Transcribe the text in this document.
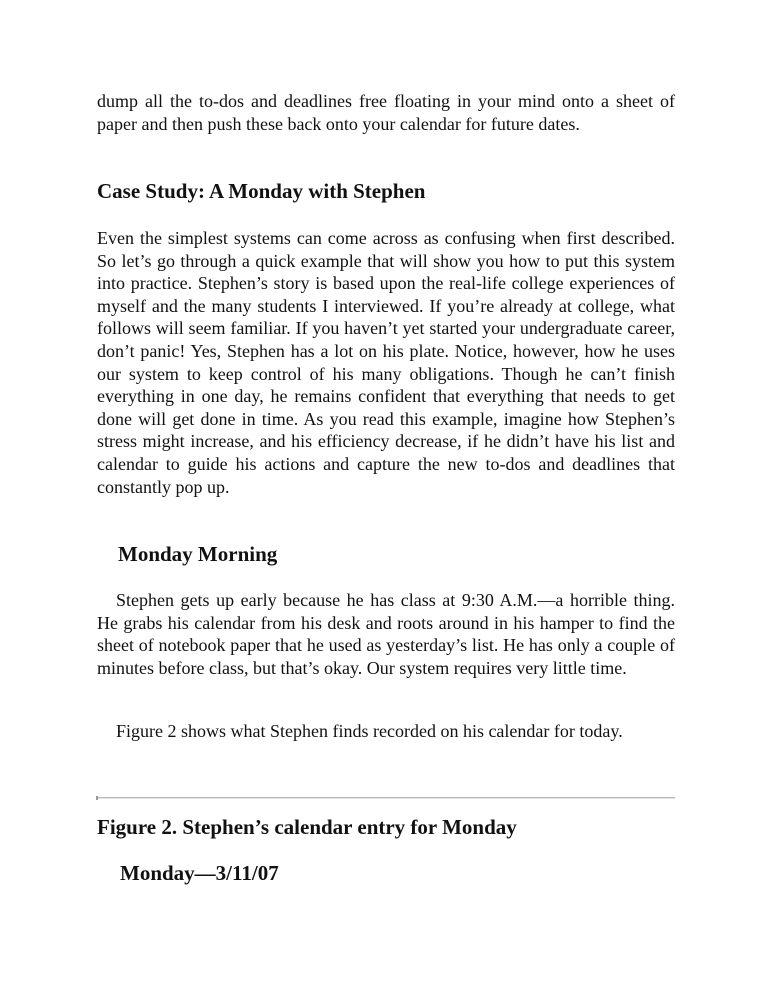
dump all the to-dos and deadlines free floating in your mind onto a sheet of paper and then push these back onto your calendar for future dates.

Case Study: A Monday with Stephen

Even the simplest systems can come across as confusing when first described. So let’s go through a quick example that will show you how to put this system into practice. Stephen’s story is based upon the real-life college experiences of myself and the many students I interviewed. If you’re already at college, what follows will seem familiar. If you haven’t yet started your undergraduate career, don’t panic! Yes, Stephen has a lot on his plate. Notice, however, how he uses our system to keep control of his many obligations. Though he can’t finish everything in one day, he remains confident that everything that needs to get done will get done in time. As you read this example, imagine how Stephen’s stress might increase, and his efficiency decrease, if he didn’t have his list and calendar to guide his actions and capture the new to-dos and deadlines that constantly pop up.

Monday Morning

Stephen gets up early because he has class at 9:30 A.M.—a horrible thing. He grabs his calendar from his desk and roots around in his hamper to find the sheet of notebook paper that he used as yesterday’s list. He has only a couple of minutes before class, but that’s okay. Our system requires very little time.

Figure 2 shows what Stephen finds recorded on his calendar for today.

Figure 2. Stephen’s calendar entry for Monday
Monday—3/11/07
